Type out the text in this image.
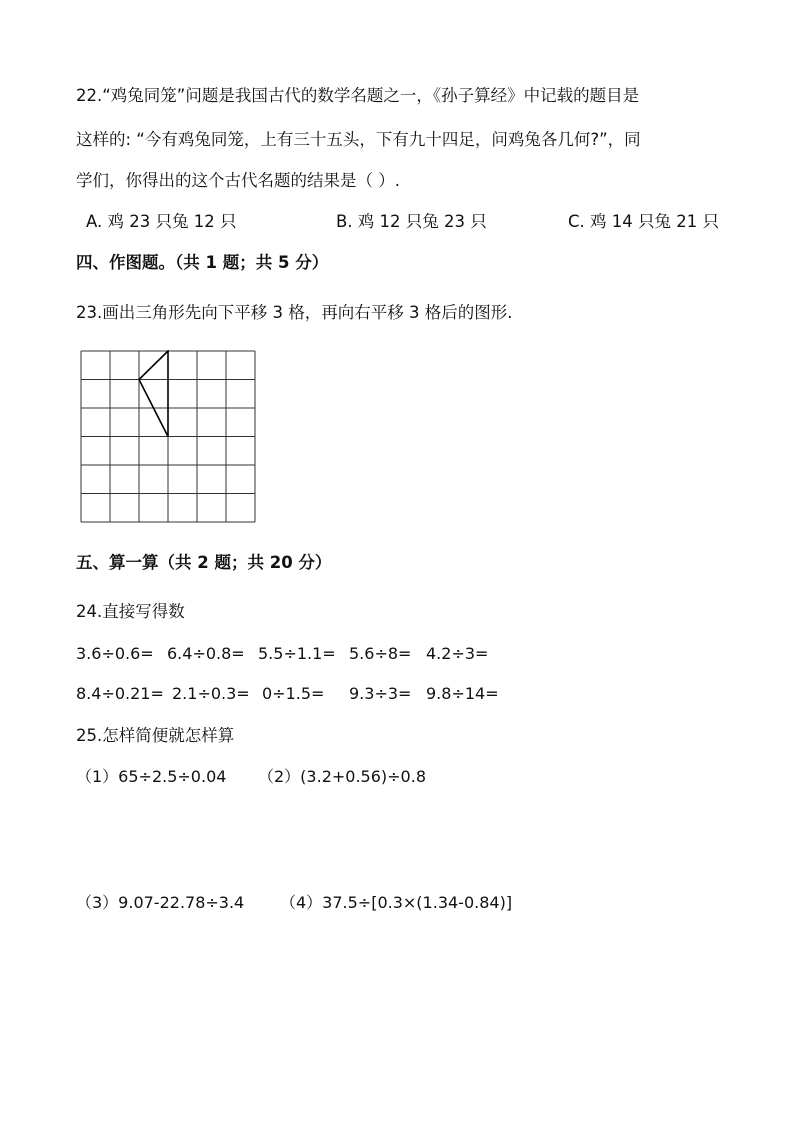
22.“鸡兔同笼”问题是我国古代的数学名题之一，《孙子算经》中记载的题目是
这样的: “今有鸡兔同笼，上有三十五头，下有九十四足，问鸡兔各几何?”，同
学们，你得出的这个古代名题的结果是（ ）.
A. 鸡 23 只兔 12 只	B. 鸡 12 只兔 23 只	C. 鸡 14 只兔 21 只
四、作图题。（共 1 题；共 5 分）
23.画出三角形先向下平移 3 格，再向右平移 3 格后的图形.
五、算一算（共 2 题；共 20 分）
24.直接写得数
3.6÷0.6= 6.4÷0.8= 5.5÷1.1= 5.6÷8= 4.2÷3=
8.4÷0.21= 2.1÷0.3= 0÷1.5= 9.3÷3= 9.8÷14=
25.怎样简便就怎样算
（1）65÷2.5÷0.04 （2）(3.2+0.56)÷0.8
（3）9.07-22.78÷3.4 （4）37.5÷[0.3×(1.34-0.84)]
